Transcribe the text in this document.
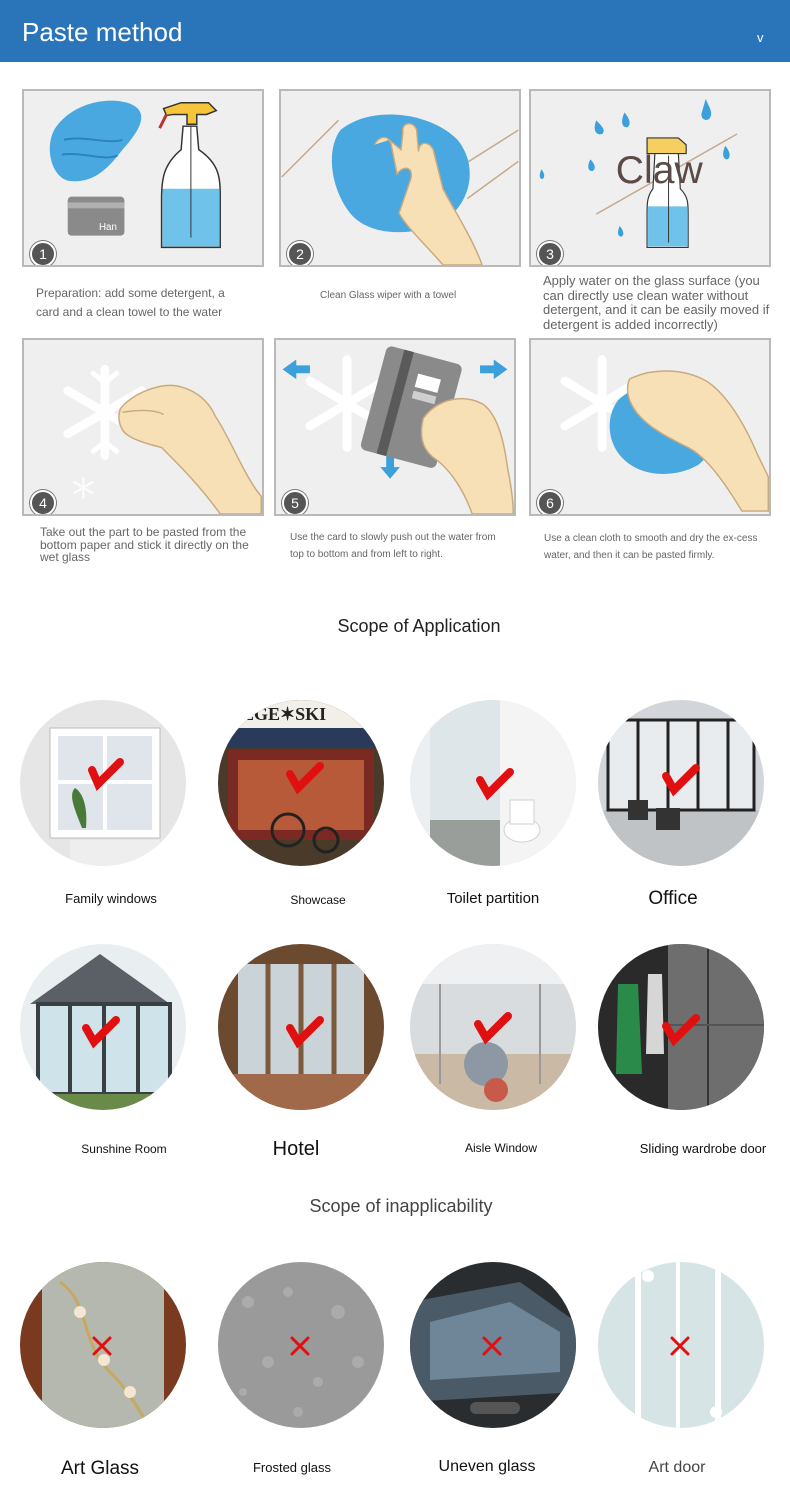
Paste method	v
Han
1
Preparation: add some detergent, a card and a clean towel to the water
2
Clean Glass wiper with a towel
Claw
3
Apply water on the glass surface (you can directly use clean water without detergent, and it can be easily moved if detergent is added incorrectly)
4
Take out the part to be pasted from the bottom paper and stick it directly on the wet glass
5
Use the card to slowly push out the water from top to bottom and from left to right.
6
Use a clean cloth to smooth and dry the ex-cess water, and then it can be pasted firmly.
Scope of Application
EGE✶SKI
Family windows	Showcase	Toilet partition	Office
Sunshine Room	Hotel	Aisle Window	Sliding wardrobe door
Scope of inapplicability
Art Glass	Frosted glass	Uneven glass	Art door
